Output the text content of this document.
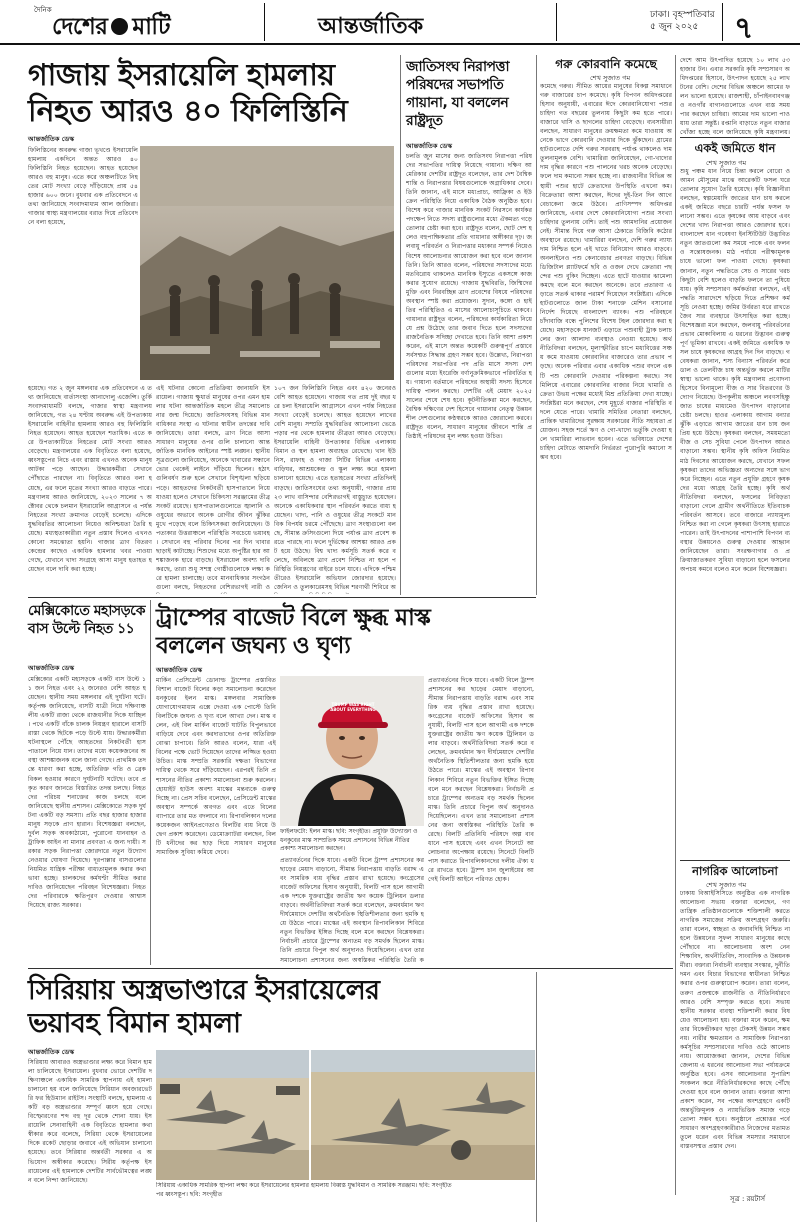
দৈনিক
দেশের মাটি	আন্তর্জাতিক	ঢাকা। বৃহস্পতিবার
৫ জুন ২০২৫	৭
গাজায় ইসরায়েলি হামলায়
নিহত আরও ৪০ ফিলিস্তিনি
আন্তর্জাতিক ডেস্ক
ফিলিস্তিনের অবরুদ্ধ গাজা ভূখণ্ডে ইসরায়েলি হামলায় একদিনে অন্তত আরও ৪০ ফিলিস্তিনি নিহত হয়েছেন। আহত হয়েছেন আরও বহু মানুষ। এতে করে অঞ্চলটিতে নিহতের মোট সংখ্যা বেড়ে দাঁড়িয়েছে প্রায় ৫৪ হাজার ৬০০ জনে। বুধবার এক প্রতিবেদনে এ তথ্য জানিয়েছে সংবাদমাধ্যম আল জাজিরা। গাজার স্বাস্থ্য মন্ত্রণালয়ের বরাত দিয়ে প্রতিবেদনে বলা হয়েছে,
হয়েছে। গত ২ জুন মঙ্গলবার এক প্রতিবেদনে এ তথ্য জানিয়েছে বার্তাসংস্থা আনাদোলু এজেন্সি। তুর্কি সংবাদমাধ্যমটি বলছে, গাজার স্বাস্থ্য মন্ত্রণালয় জানিয়েছে, গত ২৪ ঘণ্টায় অবরুদ্ধ এই উপত্যকায় ইসরায়েলি বাহিনীর হামলায় আরও বহু ফিলিস্তিনি নিহত হয়েছেন। আহত হয়েছেন শতাধিক। এতে করে উপত্যকাটিতে নিহতের মোট সংখ্যা আরও বেড়েছে। মন্ত্রণালয়ের এক বিবৃতিতে বলা হয়েছে, ধ্বংসস্তূপের নিচে এবং রাস্তায় এখনও অনেক মানুষ আটকা পড়ে আছেন। উদ্ধারকর্মীরা সেখানে পৌঁছাতে পারছেন না। বিবৃতিতে আরও বলা হয়েছে, এর ফলে মৃতের সংখ্যা আরও বাড়তে পারে। মন্ত্রণালয় আরও জানিয়েছে, ২০২৩ সালের ৭ অক্টোবর থেকে চলমান ইসরায়েলি আগ্রাসনে এ পর্যন্ত নিহতের সংখ্যা ক্রমাগত বেড়েই চলেছে। এদিকে যুদ্ধবিরতির আলোচনা নিয়েও অনিশ্চয়তা তৈরি হয়েছে। মধ্যস্থতাকারীরা নতুন প্রস্তাব দিলেও এখনও কোনো সমঝোতা হয়নি। গাজার ত্রাণ বিতরণ কেন্দ্রের কাছেও একাধিক হামলার খবর পাওয়া গেছে, যেখানে খাদ্য সংগ্রহে আসা মানুষ হতাহত হয়েছেন বলে দাবি করা হচ্ছে।
এই ঘটনার কোনো প্রতিক্রিয়া জানায়নি ইসরায়েল। গাজায় ক্ষুধার্ত মানুষের ওপর এমন হামলার ঘটনা আন্তর্জাতিক মহলে তীব্র সমালোচনার জন্ম দিয়েছে। জাতিসংঘসহ বিভিন্ন মানবাধিকার সংস্থা এ ঘটনার স্বাধীন তদন্তের দাবি জানিয়েছে। তারা বলছে, ত্রাণ নিতে আসা সাধারণ মানুষের ওপর গুলি চালানো আন্তর্জাতিক মানবিক আইনের স্পষ্ট লঙ্ঘন। স্থানীয় সূত্রগুলো জানিয়েছে, অনেকে খাবারের সন্ধানে ভোর থেকেই লাইনে দাঁড়িয়ে ছিলেন। হঠাৎ গুলিবর্ষণ শুরু হলে সেখানে বিশৃঙ্খলা ছড়িয়ে পড়ে। আহতদের নিকটবর্তী হাসপাতালে নিয়ে যাওয়া হলেও সেখানে চিকিৎসা সরঞ্জামের তীব্র সংকট রয়েছে। হাসপাতালগুলোতে জ্বালানি ও ওষুধের অভাবে অনেক রোগীর জীবন ঝুঁকির মুখে পড়েছে বলে চিকিৎসকরা জানিয়েছেন। উপত্যকার উত্তরাঞ্চলে পরিস্থিতি সবচেয়ে ভয়াবহ। সেখানে বহু পরিবার দিনের পর দিন খাবার ছাড়াই কাটাচ্ছে। শিশুদের মধ্যে অপুষ্টির হার আশঙ্কাজনক হারে বাড়ছে। ইসরায়েল অবশ্য দাবি করছে, তারা শুধু সশস্ত্র গোষ্ঠীগুলোকে লক্ষ্য করে হামলা চালাচ্ছে। তবে মানবাধিকার সংগঠনগুলো বলছে, নিহতদের বেশিরভাগই নারী ও
১০৭ জন ফিলিস্তিনি নিহত এবং ৪২০ জনেরও বেশি আহত হয়েছেন। গাজায় গত প্রায় দুই বছর ধরে চলা ইসরায়েলি আগ্রাসনে এখন পর্যন্ত নিহতের সংখ্যা বেড়েই চলেছে। আহত হয়েছেন লাখের বেশি মানুষ। সম্প্রতি যুদ্ধবিরতির আলোচনা ভেঙে পড়ার পর থেকে হামলার তীব্রতা আরও বেড়েছে। ইসরায়েলি বাহিনী উপত্যকার বিভিন্ন এলাকায় বিমান ও স্থল হামলা অব্যাহত রেখেছে। খান ইউনিস, রাফাহ ও গাজা সিটির বিভিন্ন এলাকায় বাড়িঘর, আশ্রয়কেন্দ্র ও স্কুল লক্ষ্য করে হামলা চালানো হয়েছে। এতে হতাহতের সংখ্যা প্রতিদিনই বাড়ছে। জাতিসংঘের তথ্য অনুযায়ী, গাজার প্রায় ২৩ লাখ বাসিন্দার বেশিরভাগই বাস্তুচ্যুত হয়েছেন। অনেকে একাধিকবার স্থান পরিবর্তন করতে বাধ্য হয়েছেন। খাদ্য, পানি ও ওষুধের তীব্র সংকটে মানবিক বিপর্যয় চরমে পৌঁছেছে। ত্রাণ সংস্থাগুলো বলছে, সীমান্ত ক্রসিংগুলো দিয়ে পর্যাপ্ত ত্রাণ প্রবেশ করতে পারছে না। ফলে দুর্ভিক্ষের আশঙ্কা আরও প্রকট হয়ে উঠছে। বিশ্ব খাদ্য কর্মসূচি সতর্ক করে বলেছে, অবিলম্বে ত্রাণ প্রবেশ নিশ্চিত না হলে পরিস্থিতি নিয়ন্ত্রণের বাইরে চলে যাবে। এদিকে পশ্চিম তীরেও ইসরায়েলি অভিযান জোরদার হয়েছে। জেনিন ও তুলকারেমসহ বিভিন্ন শরণার্থী শিবিরে অ
জাতিসংঘ নিরাপত্তা পরিষদের সভাপতি গায়ানা, যা বললেন রাষ্ট্রদূত
আন্তর্জাতিক ডেস্ক
চলতি জুন মাসের জন্য জাতিসংঘ নিরাপত্তা পরিষদের সভাপতির দায়িত্ব নিয়েছে গায়ানা। দক্ষিণ আমেরিকার দেশটির রাষ্ট্রদূত বলেছেন, তার দেশ বৈশ্বিক শান্তি ও নিরাপত্তার বিষয়গুলোকে অগ্রাধিকার দেবে। তিনি জানান, এই মাসে মধ্যপ্রাচ্য, আফ্রিকা ও ইউক্রেন পরিস্থিতি নিয়ে একাধিক বৈঠক অনুষ্ঠিত হবে। বিশেষ করে গাজার মানবিক সংকট নিরসনে কার্যকর পদক্ষেপ নিতে সদস্য রাষ্ট্রগুলোর মধ্যে ঐকমত্য গড়ে তোলার চেষ্টা করা হবে। রাষ্ট্রদূত বলেন, ছোট দেশ হলেও বহুপাক্ষিকতার প্রতি গায়ানার অঙ্গীকার দৃঢ়। জলবায়ু পরিবর্তন ও নিরাপত্তার মধ্যকার সম্পর্ক নিয়েও বিশেষ আলোচনার আয়োজন করা হবে বলে জানান তিনি। তিনি আরও বলেন, পরিষদের সদস্যদের মধ্যে মতবিরোধ থাকলেও মানবিক ইস্যুতে একসঙ্গে কাজ করার সুযোগ রয়েছে। গাজায় যুদ্ধবিরতি, জিম্মিদের মুক্তি এবং নিরবচ্ছিন্ন ত্রাণ প্রবেশের বিষয়ে পরিষদের অবস্থান স্পষ্ট করা প্রয়োজন। সুদান, কঙ্গো ও হাইতির পরিস্থিতিও এ মাসের আলোচ্যসূচিতে থাকবে। গায়ানার রাষ্ট্রদূত বলেন, পরিষদের কার্যকারিতা নিয়ে যে প্রশ্ন উঠেছে তার জবাব দিতে হলে সদস্যদের রাজনৈতিক সদিচ্ছা দেখাতে হবে। তিনি আশা প্রকাশ করেন, এই মাসে অন্তত কয়েকটি গুরুত্বপূর্ণ প্রস্তাবে সর্বসম্মত সিদ্ধান্ত গ্রহণ সম্ভব হবে। উল্লেখ্য, নিরাপত্তা পরিষদের সভাপতির পদ প্রতি মাসে সদস্য দেশগুলোর মধ্যে ইংরেজি বর্ণানুক্রমিকভাবে পরিবর্তিত হয়। গায়ানা বর্তমানে পরিষদের অস্থায়ী সদস্য হিসেবে দায়িত্ব পালন করছে। দেশটির এই মেয়াদ ২০২৫ সালের শেষে শেষ হবে। কূটনীতিকরা মনে করছেন, বৈশ্বিক দক্ষিণের দেশ হিসেবে গায়ানার নেতৃত্ব উন্নয়নশীল দেশগুলোর কণ্ঠস্বরকে আরও জোরালো করবে। রাষ্ট্রদূত বলেন, সাধারণ মানুষের জীবনে শান্তি প্রতিষ্ঠাই পরিষদের মূল লক্ষ্য হওয়া উচিত।
গরু কোরবানি কমেছে
শেখ সুজাত গম
কমেছে গরুর। সীমিত আয়ের মানুষের বিকল্প সমাধানে গরু বাজারের চাপ কমেছে। কৃষি বিপণন অধিদপ্তরের হিসাব অনুযায়ী, এবারের ঈদে কোরবানিযোগ্য পশুর চাহিদা গত বছরের তুলনায় কিছুটা কম হতে পারে। বাজারে খাসি ও ছাগলের চাহিদা বেড়েছে। ব্যবসায়ীরা বলছেন, সাধারণ মানুষের ক্রয়ক্ষমতা কমে যাওয়ায় অনেকে ভাগে কোরবানি দেওয়ার দিকে ঝুঁকছেন। গ্রামের হাটগুলোতে দেশি গরুর সরবরাহ পর্যাপ্ত থাকলেও দাম তুলনামূলক বেশি। খামারিরা জানিয়েছেন, গো-খাদ্যের দাম বৃদ্ধির কারণে পশু পালনের খরচ অনেক বেড়েছে। ফলে দাম কমানো সম্ভব হচ্ছে না। রাজধানীর বিভিন্ন অস্থায়ী পশুর হাটে ক্রেতাদের উপস্থিতি এখনো কম। বিক্রেতারা আশা করছেন, ঈদের দুই-তিন দিন আগে বেচাকেনা জমে উঠবে। প্রাণিসম্পদ অধিদপ্তর জানিয়েছে, এবার দেশে কোরবানিযোগ্য পশুর সংখ্যা চাহিদার তুলনায় বেশি। তাই পশু আমদানির প্রয়োজন নেই। সীমান্ত দিয়ে গরু আসা ঠেকাতে বিজিবি কঠোর অবস্থানে রয়েছে। খামারিরা বলছেন, দেশি গরুর ন্যায্য দাম নিশ্চিত হলে এই খাতে বিনিয়োগ আরও বাড়বে। অনলাইনেও পশু কেনাবেচার প্রবণতা বাড়ছে। বিভিন্ন ডিজিটাল প্ল্যাটফর্মে ছবি ও ওজন দেখে ক্রেতারা পছন্দের পশু বুকিং দিচ্ছেন। এতে হাটে যাওয়ার ঝামেলা কমছে বলে মনে করছেন অনেকে। তবে প্রতারণা এড়াতে সতর্ক থাকার পরামর্শ দিয়েছেন সংশ্লিষ্টরা। এদিকে হাটগুলোতে জাল টাকা শনাক্তে মেশিন বসানোর নির্দেশ দিয়েছে বাংলাদেশ ব্যাংক। পশু পরিবহনে চাঁদাবাজি বন্ধে পুলিশের বিশেষ টহল জোরদার করা হয়েছে। মহাসড়কে যানজট এড়াতে পশুবাহী ট্রাক চলাচলের জন্য আলাদা ব্যবস্থাও নেওয়া হয়েছে। অর্থনীতিবিদরা বলছেন, মূল্যস্ফীতির চাপে মধ্যবিত্তের সঞ্চয় কমে যাওয়ায় কোরবানির বাজারেও তার প্রভাব পড়ছে। অনেক পরিবার এবার একাধিক পশুর বদলে একটি পশু কোরবানি দেওয়ার পরিকল্পনা করছে। সব মিলিয়ে এবারের কোরবানির বাজার নিয়ে খামারি ও ক্রেতা উভয় পক্ষের মধ্যেই মিশ্র প্রতিক্রিয়া দেখা যাচ্ছে। সংশ্লিষ্টরা মনে করছেন, শেষ মুহূর্তে বাজার পরিস্থিতি বদলে যেতে পারে। খামারি সমিতির নেতারা বলছেন, প্রান্তিক খামারিদের সুরক্ষায় সরকারের নীতি সহায়তা প্রয়োজন। সহজ শর্তে ঋণ ও গো-খাদ্যে ভর্তুকি দেওয়া হলে খামারিরা লাভবান হবেন। এতে ভবিষ্যতে দেশের চাহিদা মেটাতে আমদানি নির্ভরতা পুরোপুরি কমানো সম্ভব হবে।
দেশে আম উৎপাদিত হয়েছে ১০ লাখ ৫৩ হাজার টন। এবার সরকারি কৃষি সম্প্রসারণ অধিদপ্তরের হিসাবে, উৎপাদন হয়েছে ২৫ লাখ টনের বেশি। দেশের বিভিন্ন অঞ্চলে আমের ফলন ভালো হয়েছে। রাজশাহী, চাঁপাইনবাবগঞ্জ ও নওগাঁর বাগানগুলোতে এখন ব্যস্ত সময় পার করছেন চাষিরা। আমের দাম ভালো পাওয়ায় তারা সন্তুষ্ট। রপ্তানি বাড়াতে নতুন বাজার খোঁজা হচ্ছে বলে জানিয়েছে কৃষি মন্ত্রণালয়।
একই জমিতে ধান
শেখ সুজাত গম
শুধু পঞ্চম ধান নিয়ে চিন্তা করলে বোরো ও আমন মৌসুমের মাঝে আরেকটি ফসল ঘরে তোলার সুযোগ তৈরি হয়েছে। কৃষি বিজ্ঞানীরা বলছেন, স্বল্পমেয়াদি জাতের ধান চাষ করলে একই জমিতে বছরে চারটি পর্যন্ত ফসল ফলানো সম্ভব। এতে কৃষকের আয় বাড়বে এবং দেশের খাদ্য নিরাপত্তা আরও জোরদার হবে। বাংলাদেশ ধান গবেষণা ইনস্টিটিউট উদ্ভাবিত নতুন জাতগুলো কম সময়ে পাকে এবং ফলনও সন্তোষজনক। মাঠ পর্যায়ে পরীক্ষামূলক চাষে ভালো ফল পাওয়া গেছে। কৃষকরা জানান, নতুন পদ্ধতিতে সেচ ও সারের খরচ কিছুটা বেশি হলেও বাড়তি ফলনে তা পুষিয়ে যায়। কৃষি সম্প্রসারণ কর্মকর্তারা বলছেন, এই পদ্ধতি সারাদেশে ছড়িয়ে দিতে প্রশিক্ষণ কর্মসূচি নেওয়া হচ্ছে। জমির উর্বরতা ধরে রাখতে জৈব সার ব্যবহারে উৎসাহিত করা হচ্ছে। বিশেষজ্ঞরা মনে করছেন, জলবায়ু পরিবর্তনের প্রভাব মোকাবিলায় এ ধরনের উদ্ভাবন গুরুত্বপূর্ণ ভূমিকা রাখবে। একই জমিতে একাধিক ফসল চাষে কৃষকদের আগ্রহ দিন দিন বাড়ছে। গবেষকরা জানান, শস্য বিন্যাস পরিবর্তন করে ডাল ও তেলবীজ চাষ অন্তর্ভুক্ত করলে মাটির স্বাস্থ্য ভালো থাকে। কৃষি মন্ত্রণালয় প্রণোদনা হিসেবে বিনামূল্যে বীজ ও সার বিতরণের উদ্যোগ নিয়েছে। উপকূলীয় অঞ্চলে লবণসহিষ্ণু জাত চাষের মাধ্যমেও উৎপাদন বাড়ানোর চেষ্টা চলছে। হাওর এলাকায় আগাম বন্যার ঝুঁকি এড়াতে আগাম জাতের ধান চাষ জনপ্রিয় হয়ে উঠছে। কৃষকরা বলছেন, সময়মতো বীজ ও সেচ সুবিধা পেলে উৎপাদন আরও বাড়ানো সম্ভব। স্থানীয় কৃষি অফিস নিয়মিত মাঠ দিবসের আয়োজন করছে, যেখানে সফল কৃষকরা তাদের অভিজ্ঞতা অন্যদের সঙ্গে ভাগ করে নিচ্ছেন। এতে নতুন প্রযুক্তি গ্রহণে কৃষকদের মধ্যে আগ্রহ তৈরি হচ্ছে। কৃষি অর্থনীতিবিদরা বলছেন, ফসলের নিবিড়তা বাড়ানো গেলে গ্রামীণ অর্থনীতিতে ইতিবাচক পরিবর্তন আসবে। তবে বাজারে ন্যায্যমূল্য নিশ্চিত করা না গেলে কৃষকরা উৎসাহ হারাতে পারেন। তাই উৎপাদনের পাশাপাশি বিপণন ব্যবস্থার উন্নয়নেও গুরুত্ব দেওয়ার আহ্বান জানিয়েছেন তারা। সংরক্ষণাগার ও প্রক্রিয়াজাতকরণ সুবিধা বাড়ানো হলে ফসলের অপচয় কমবে বলেও মনে করেন বিশেষজ্ঞরা।
নাগরিক আলোচনা
শেখ সুজাত গম
ঢাকায় বিআইসিসিতে অনুষ্ঠিত এক নাগরিক আলোচনা সভায় বক্তারা বলেছেন, গণতান্ত্রিক প্রতিষ্ঠানগুলোকে শক্তিশালী করতে নাগরিক সমাজের সক্রিয় অংশগ্রহণ জরুরি। তারা বলেন, স্বচ্ছতা ও জবাবদিহি নিশ্চিত না হলে উন্নয়নের সুফল সাধারণ মানুষের কাছে পৌঁছাবে না। আলোচনায় অংশ নেন শিক্ষাবিদ, অর্থনীতিবিদ, সাংবাদিক ও উন্নয়নকর্মীরা। বক্তারা নির্বাচনী ব্যবস্থার সংস্কার, দুর্নীতি দমন এবং বিচার বিভাগের স্বাধীনতা নিশ্চিত করার ওপর গুরুত্বারোপ করেন। তারা বলেন, তরুণ প্রজন্মকে রাজনীতি ও নীতিনির্ধারণে আরও বেশি সম্পৃক্ত করতে হবে। সভায় স্থানীয় সরকার ব্যবস্থা শক্তিশালী করার বিষয়েও আলোচনা হয়। বক্তারা মনে করেন, ক্ষমতার বিকেন্দ্রীকরণ ছাড়া টেকসই উন্নয়ন সম্ভব নয়। নারীর ক্ষমতায়ন ও সামাজিক নিরাপত্তা কর্মসূচির সম্প্রসারণের দাবিও ওঠে আলোচনায়। আয়োজকরা জানান, দেশের বিভিন্ন জেলায় এ ধরনের আলোচনা সভা পর্যায়ক্রমে অনুষ্ঠিত হবে। এসব আলোচনার সুপারিশ সংকলন করে নীতিনির্ধারকদের কাছে পৌঁছে দেওয়া হবে বলে জানান তারা। বক্তারা আশা প্রকাশ করেন, সব পক্ষের অংশগ্রহণে একটি অন্তর্ভুক্তিমূলক ও ন্যায়ভিত্তিক সমাজ গড়ে তোলা সম্ভব হবে। অনুষ্ঠানে প্রশ্নোত্তর পর্বে সাধারণ অংশগ্রহণকারীরাও নিজেদের মতামত তুলে ধরেন এবং বিভিন্ন সমস্যার সমাধানে বাস্তবসম্মত প্রস্তাব দেন।
সূত্র : রয়টার্স
মেক্সিকোতে মহাসড়কে বাস উল্টে নিহত ১১
আন্তর্জাতিক ডেস্ক
মেক্সিকোর একটি মহাসড়কে একটি বাস উল্টে ১১ জন নিহত এবং ২২ জনেরও বেশি আহত হয়েছেন। স্থানীয় সময় মঙ্গলবার এই দুর্ঘটনা ঘটে। কর্তৃপক্ষ জানিয়েছে, বাসটি যাত্রী নিয়ে দক্ষিণাঞ্চলীয় একটি রাজ্য থেকে রাজধানীর দিকে যাচ্ছিল। পথে একটি বাঁকে চালক নিয়ন্ত্রণ হারালে বাসটি রাস্তা থেকে ছিটকে পড়ে উল্টে যায়। উদ্ধারকর্মীরা ঘটনাস্থলে পৌঁছে আহতদের নিকটবর্তী হাসপাতালে নিয়ে যান। তাদের মধ্যে কয়েকজনের অবস্থা আশঙ্কাজনক বলে জানা গেছে। প্রাথমিক তদন্তে ধারণা করা হচ্ছে, অতিরিক্ত গতি ও ব্রেক বিকল হওয়ার কারণে দুর্ঘটনাটি ঘটেছে। তবে প্রকৃত কারণ জানতে বিস্তারিত তদন্ত চলছে। নিহতদের পরিচয় শনাক্তের কাজ চলছে বলে জানিয়েছে স্থানীয় প্রশাসন। মেক্সিকোতে সড়ক দুর্ঘটনা একটি বড় সমস্যা। প্রতি বছর হাজার হাজার মানুষ সড়কে প্রাণ হারান। বিশেষজ্ঞরা বলছেন, দুর্বল সড়ক অবকাঠামো, পুরোনো যানবাহন ও ট্রাফিক আইন না মানার প্রবণতা এ জন্য দায়ী। সরকার সড়ক নিরাপত্তা জোরদারে নতুন উদ্যোগ নেওয়ার ঘোষণা দিয়েছে। দূরপাল্লার বাসগুলোর নিয়মিত যান্ত্রিক পরীক্ষা বাধ্যতামূলক করার কথা ভাবা হচ্ছে। চালকদের কর্মঘণ্টা সীমিত করার দাবিও জানিয়েছেন পরিবহন বিশেষজ্ঞরা। নিহতদের পরিবারকে ক্ষতিপূরণ দেওয়ার আশ্বাস দিয়েছে রাজ্য সরকার।
ট্রাম্পের বাজেট বিলে ক্ষুব্ধ মাস্ক
বললেন জঘন্য ও ঘৃণ্য
আন্তর্জাতিক ডেস্ক
মার্কিন প্রেসিডেন্ট ডোনাল্ড ট্রাম্পের প্রস্তাবিত বিশাল বাজেট বিলের কড়া সমালোচনা করেছেন ধনকুবের ইলন মাস্ক। মঙ্গলবার সামাজিক যোগাযোগমাধ্যম এক্সে দেওয়া এক পোস্টে তিনি বিলটিকে জঘন্য ও ঘৃণ্য বলে আখ্যা দেন। মাস্ক বলেন, এই বিল মার্কিন বাজেট ঘাটতি বিপুলভাবে বাড়িয়ে দেবে এবং করদাতাদের ওপর অতিরিক্ত বোঝা চাপাবে। তিনি আরও বলেন, যারা এই বিলের পক্ষে ভোট দিয়েছেন তাদের লজ্জিত হওয়া উচিত। মাস্ক সম্প্রতি সরকারি দক্ষতা বিভাগের দায়িত্ব থেকে সরে দাঁড়িয়েছেন। এরপরই তিনি প্রশাসনের নীতির প্রকাশ্য সমালোচনা শুরু করলেন। হোয়াইট হাউস অবশ্য মাস্কের মন্তব্যকে গুরুত্ব দিচ্ছে না। প্রেস সচিব বলেছেন, প্রেসিডেন্ট মাস্কের অবস্থান সম্পর্কে অবগত এবং এতে বিলের ব্যাপারে তার মত বদলাবে না। রিপাবলিকান দলের কয়েকজন আইনপ্রণেতাও বিলটির ব্যয় নিয়ে উদ্বেগ প্রকাশ করেছেন। ডেমোক্র্যাটরা বলছেন, বিলটি ধনীদের কর ছাড় দিয়ে সাধারণ মানুষের সামাজিক সুবিধা কমিয়ে দেবে।
TRUMP WAS RIGHT ABOUT EVERYTHING
ফাইলফটো: ইলন মাস্ক। ছবি: সংগৃহীত। প্রযুক্তি উদ্যোক্তা ও ধনকুবের মাস্ক সাম্প্রতিক সময়ে প্রশাসনের বিভিন্ন নীতির প্রকাশ্য সমালোচনা করছেন।
প্রত্যাবর্তনের দিকে যাবে। একটি বিলে ট্রাম্প প্রশাসনের কর ছাড়ের মেয়াদ বাড়ানো, সীমান্ত নিরাপত্তায় বাড়তি বরাদ্দ এবং সামরিক ব্যয় বৃদ্ধির প্রস্তাব রাখা হয়েছে। কংগ্রেসের বাজেট অফিসের হিসাব অনুযায়ী, বিলটি পাস হলে আগামী এক দশকে যুক্তরাষ্ট্রের জাতীয় ঋণ কয়েক ট্রিলিয়ন ডলার বাড়বে। অর্থনীতিবিদরা সতর্ক করে বলেছেন, ক্রমবর্ধমান ঋণ দীর্ঘমেয়াদে দেশটির অর্থনৈতিক স্থিতিশীলতার জন্য হুমকি হয়ে উঠতে পারে। মাস্কের এই অবস্থান রিপাবলিকান শিবিরে নতুন বিভক্তির ইঙ্গিত দিচ্ছে বলে মনে করছেন বিশ্লেষকরা। নির্বাচনী প্রচারে ট্রাম্পের অন্যতম বড় সমর্থক ছিলেন মাস্ক। তিনি প্রচারে বিপুল অর্থ অনুদানও দিয়েছিলেন। এখন তার সমালোচনা প্রশাসনের জন্য অস্বস্তিকর পরিস্থিতি তৈরি ক
প্রত্যাবর্তনের দিকে যাবে। একটি বিলে ট্রাম্প প্রশাসনের কর ছাড়ের মেয়াদ বাড়ানো, সীমান্ত নিরাপত্তায় বাড়তি বরাদ্দ এবং সামরিক ব্যয় বৃদ্ধির প্রস্তাব রাখা হয়েছে। কংগ্রেসের বাজেট অফিসের হিসাব অনুযায়ী, বিলটি পাস হলে আগামী এক দশকে যুক্তরাষ্ট্রের জাতীয় ঋণ কয়েক ট্রিলিয়ন ডলার বাড়বে। অর্থনীতিবিদরা সতর্ক করে বলেছেন, ক্রমবর্ধমান ঋণ দীর্ঘমেয়াদে দেশটির অর্থনৈতিক স্থিতিশীলতার জন্য হুমকি হয়ে উঠতে পারে। মাস্কের এই অবস্থান রিপাবলিকান শিবিরে নতুন বিভক্তির ইঙ্গিত দিচ্ছে বলে মনে করছেন বিশ্লেষকরা। নির্বাচনী প্রচারে ট্রাম্পের অন্যতম বড় সমর্থক ছিলেন মাস্ক। তিনি প্রচারে বিপুল অর্থ অনুদানও দিয়েছিলেন। এখন তার সমালোচনা প্রশাসনের জন্য অস্বস্তিকর পরিস্থিতি তৈরি করেছে। বিলটি প্রতিনিধি পরিষদে অল্প ব্যবধানে পাস হয়েছে এবং এখন সিনেটে আলোচনার অপেক্ষায় রয়েছে। সিনেটে বিলটি পাস করাতে রিপাবলিকানদের দলীয় ঐক্য ধরে রাখতে হবে। ট্রাম্প চান জুলাইয়ের আগেই বিলটি আইনে পরিণত হোক।
সিরিয়ায় অস্ত্রভাণ্ডারে ইসরায়েলের
ভয়াবহ বিমান হামলা
আন্তর্জাতিক ডেস্ক
সিরিয়ায় আবারও অস্ত্রভাণ্ডার লক্ষ্য করে বিমান হামলা চালিয়েছে ইসরায়েল। বুধবার ভোরে দেশটির দক্ষিণাঞ্চলে একাধিক সামরিক স্থাপনায় এই হামলা চালানো হয় বলে জানিয়েছে সিরিয়ান অবজারভেটরি ফর হিউম্যান রাইটস। সংস্থাটি বলছে, হামলায় একটি বড় অস্ত্রভাণ্ডার সম্পূর্ণ ধ্বংস হয়ে গেছে। বিস্ফোরণের শব্দ বহু দূর থেকে শোনা যায়। ইসরায়েলি সেনাবাহিনী এক বিবৃতিতে হামলার কথা স্বীকার করে বলেছে, সিরিয়া থেকে ইসরায়েলের দিকে রকেট ছোড়ার জবাবে এই অভিযান চালানো হয়েছে। তবে সিরিয়ার অন্তর্বর্তী সরকার এ অভিযোগ অস্বীকার করেছে। সিরীয় কর্তৃপক্ষ ইসরায়েলের এই হামলাকে দেশটির সার্বভৌমত্বের লঙ্ঘন বলে নিন্দা জানিয়েছে।
সিরিয়ায় একাধিক সামরিক স্থাপনা লক্ষ্য করে ইসরায়েলের হামলার পর ধ্বংসস্তূপ। ছবি: সংগৃহীত
হামলায় বিধ্বস্ত যুদ্ধবিমান ও সামরিক সরঞ্জাম। ছবি: সংগৃহীত
